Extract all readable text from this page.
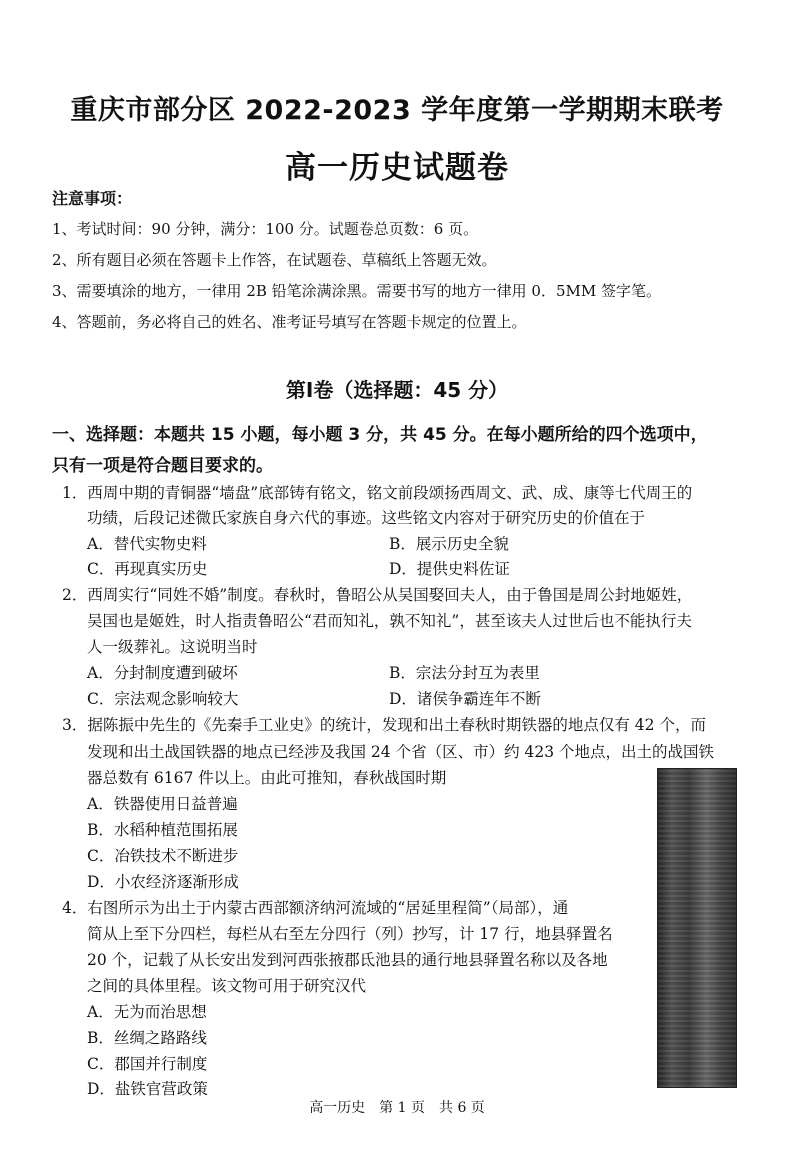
重庆市部分区 2022-2023 学年度第一学期期末联考
高一历史试题卷
注意事项：
1、考试时间：90 分钟，满分：100 分。试题卷总页数：6 页。
2、所有题目必须在答题卡上作答，在试题卷、草稿纸上答题无效。
3、需要填涂的地方，一律用 2B 铅笔涂满涂黑。需要书写的地方一律用 0．5MM 签字笔。
4、答题前，务必将自己的姓名、准考证号填写在答题卡规定的位置上。
第Ⅰ卷（选择题：45 分）
一、选择题：本题共 15 小题，每小题 3 分，共 45 分。在每小题所给的四个选项中，
只有一项是符合题目要求的。
1．西周中期的青铜器“墙盘”底部铸有铭文，铭文前段颂扬西周文、武、成、康等七代周王的
功绩，后段记述微氏家族自身六代的事迹。这些铭文内容对于研究历史的价值在于
A．替代实物史料	B．展示历史全貌
C．再现真实历史	D．提供史料佐证
2．西周实行“同姓不婚”制度。春秋时，鲁昭公从吴国娶回夫人，由于鲁国是周公封地姬姓，
吴国也是姬姓，时人指责鲁昭公“君而知礼，孰不知礼”，甚至该夫人过世后也不能执行夫
人一级葬礼。这说明当时
A．分封制度遭到破坏	B．宗法分封互为表里
C．宗法观念影响较大	D．诸侯争霸连年不断
3．据陈振中先生的《先秦手工业史》的统计，发现和出土春秋时期铁器的地点仅有 42 个，而
发现和出土战国铁器的地点已经涉及我国 24 个省（区、市）约 423 个地点，出土的战国铁
器总数有 6167 件以上。由此可推知，春秋战国时期
A．铁器使用日益普遍
B．水稻种植范围拓展
C．冶铁技术不断进步
D．小农经济逐渐形成
4．右图所示为出土于内蒙古西部额济纳河流域的“居延里程简”（局部），通
简从上至下分四栏，每栏从右至左分四行（列）抄写，计 17 行，地县驿置名
20 个，记载了从长安出发到河西张掖郡氐池县的通行地县驿置名称以及各地
之间的具体里程。该文物可用于研究汉代
A．无为而治思想
B．丝绸之路路线
C．郡国并行制度
D．盐铁官营政策
高一历史　第 1 页　共 6 页
